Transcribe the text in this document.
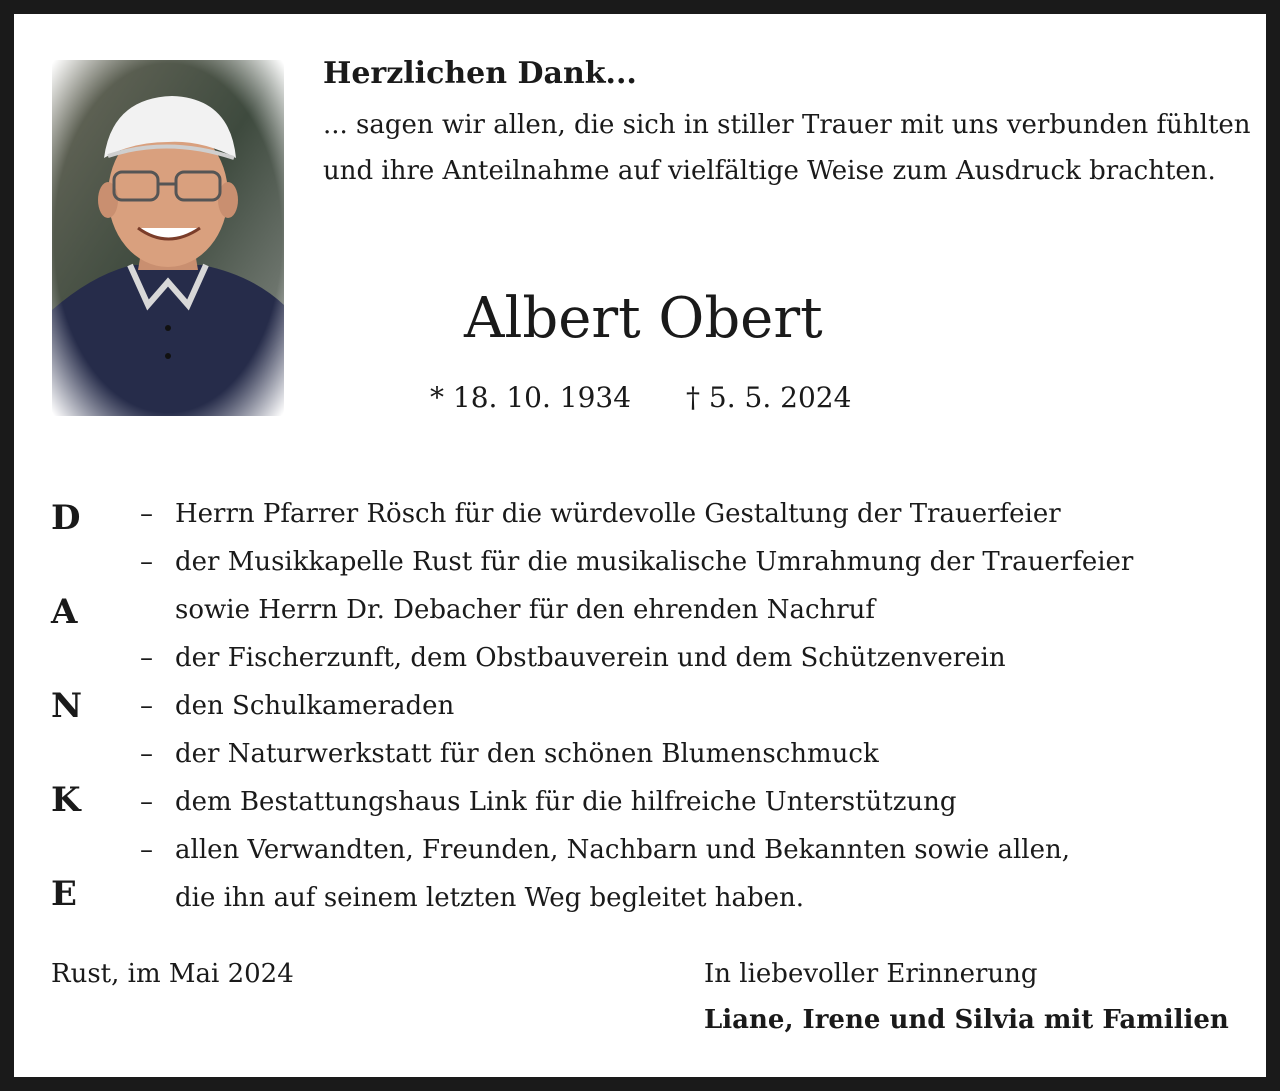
Herzlichen Dank...
... sagen wir allen, die sich in stiller Trauer mit uns verbunden fühlten
und ihre Anteilnahme auf vielfältige Weise zum Ausdruck brachten.
Albert Obert
* 18. 10. 1934 † 5. 5. 2024
D
A
N
K
E
– Herrn Pfarrer Rösch für die würdevolle Gestaltung der Trauerfeier
– der Musikkapelle Rust für die musikalische Umrahmung der Trauerfeier
sowie Herrn Dr. Debacher für den ehrenden Nachruf
– der Fischerzunft, dem Obstbauverein und dem Schützenverein
– den Schulkameraden
– der Naturwerkstatt für den schönen Blumenschmuck
– dem Bestattungshaus Link für die hilfreiche Unterstützung
– allen Verwandten, Freunden, Nachbarn und Bekannten sowie allen,
die ihn auf seinem letzten Weg begleitet haben.
Rust, im Mai 2024	In liebevoller Erinnerung
Liane, Irene und Silvia mit Familien
